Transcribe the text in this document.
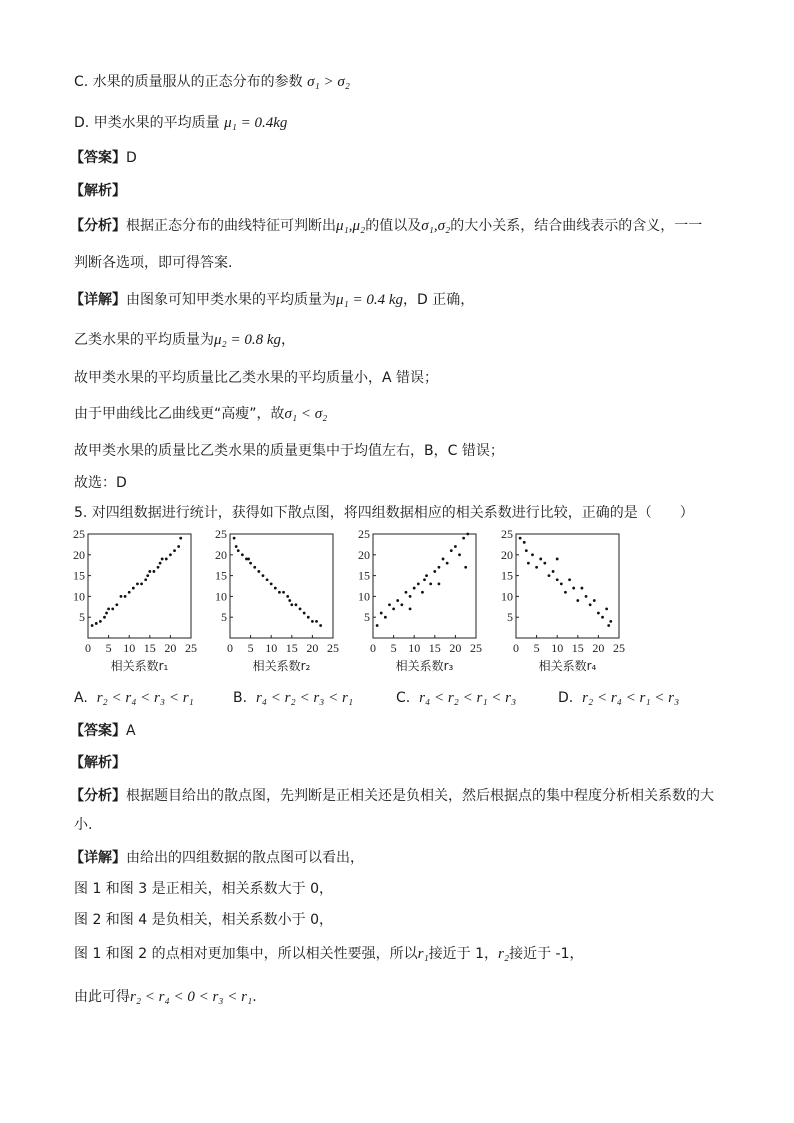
C. 水果的质量服从的正态分布的参数 σ₁ > σ₂
D. 甲类水果的平均质量 μ₁ = 0.4kg
【答案】D
【解析】
【分析】根据正态分布的曲线特征可判断出μ₁,μ₂的值以及σ₁,σ₂的大小关系，结合曲线表示的含义，一一
判断各选项，即可得答案.
【详解】由图象可知甲类水果的平均质量为μ₁ = 0.4 kg，D 正确，
乙类水果的平均质量为μ₂ = 0.8 kg，
故甲类水果的平均质量比乙类水果的平均质量小，A 错误；
由于甲曲线比乙曲线更“高瘦”，故σ₁ < σ₂
故甲类水果的质量比乙类水果的质量更集中于均值左右，B，C 错误；
故选：D
5. 对四组数据进行统计，获得如下散点图，将四组数据相应的相关系数进行比较，正确的是（　　）
5
10
15
20
25
0 5 10 15 20 25
相关系数r₁
5
10
15
20
25
0 5 10 15 20 25
相关系数r₂
5
10
15
20
25
0 5 10 15 20 25
相关系数r₃
5
10
15
20
25
0 5 10 15 20 25
相关系数r₄
A. r₂ < r₄ < r₃ < r₁	B. r₄ < r₂ < r₃ < r₁	C. r₄ < r₂ < r₁ < r₃	D. r₂ < r₄ < r₁ < r₃
【答案】A
【解析】
【分析】根据题目给出的散点图，先判断是正相关还是负相关，然后根据点的集中程度分析相关系数的大
小.
【详解】由给出的四组数据的散点图可以看出，
图 1 和图 3 是正相关，相关系数大于 0，
图 2 和图 4 是负相关，相关系数小于 0，
图 1 和图 2 的点相对更加集中，所以相关性要强，所以r₁接近于 1，r₂接近于 -1，
由此可得r₂ < r₄ < 0 < r₃ < r₁.
